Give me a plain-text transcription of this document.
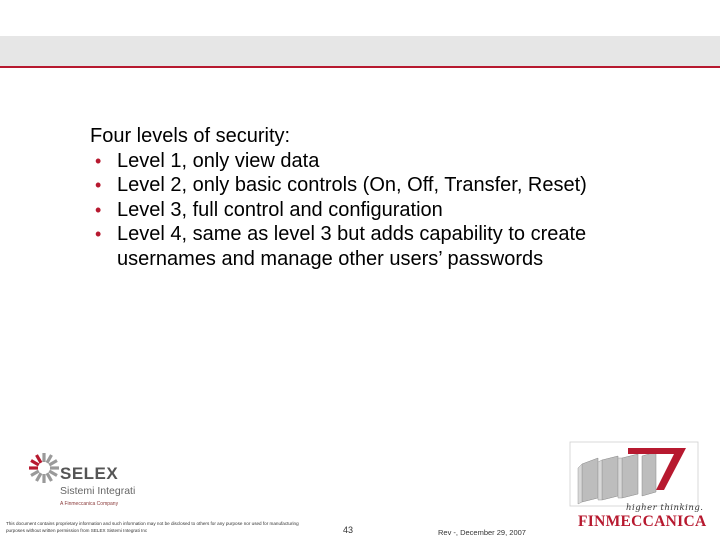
Four levels of security:
• Level 1, only view data
• Level 2, only basic controls (On, Off, Transfer, Reset)
• Level 3, full control and configuration
• Level 4, same as level 3 but adds capability to create usernames and manage other users’ passwords
SELEX
Sistemi Integrati
A Finmeccanica Company
This document contains proprietary information and such information may not be disclosed to others for any purpose nor used for manufacturing purposes without written permission from SELEX Sistemi Integrati Inc	43	Rev -, December 29, 2007
higher thinking.
FINMECCANICA
